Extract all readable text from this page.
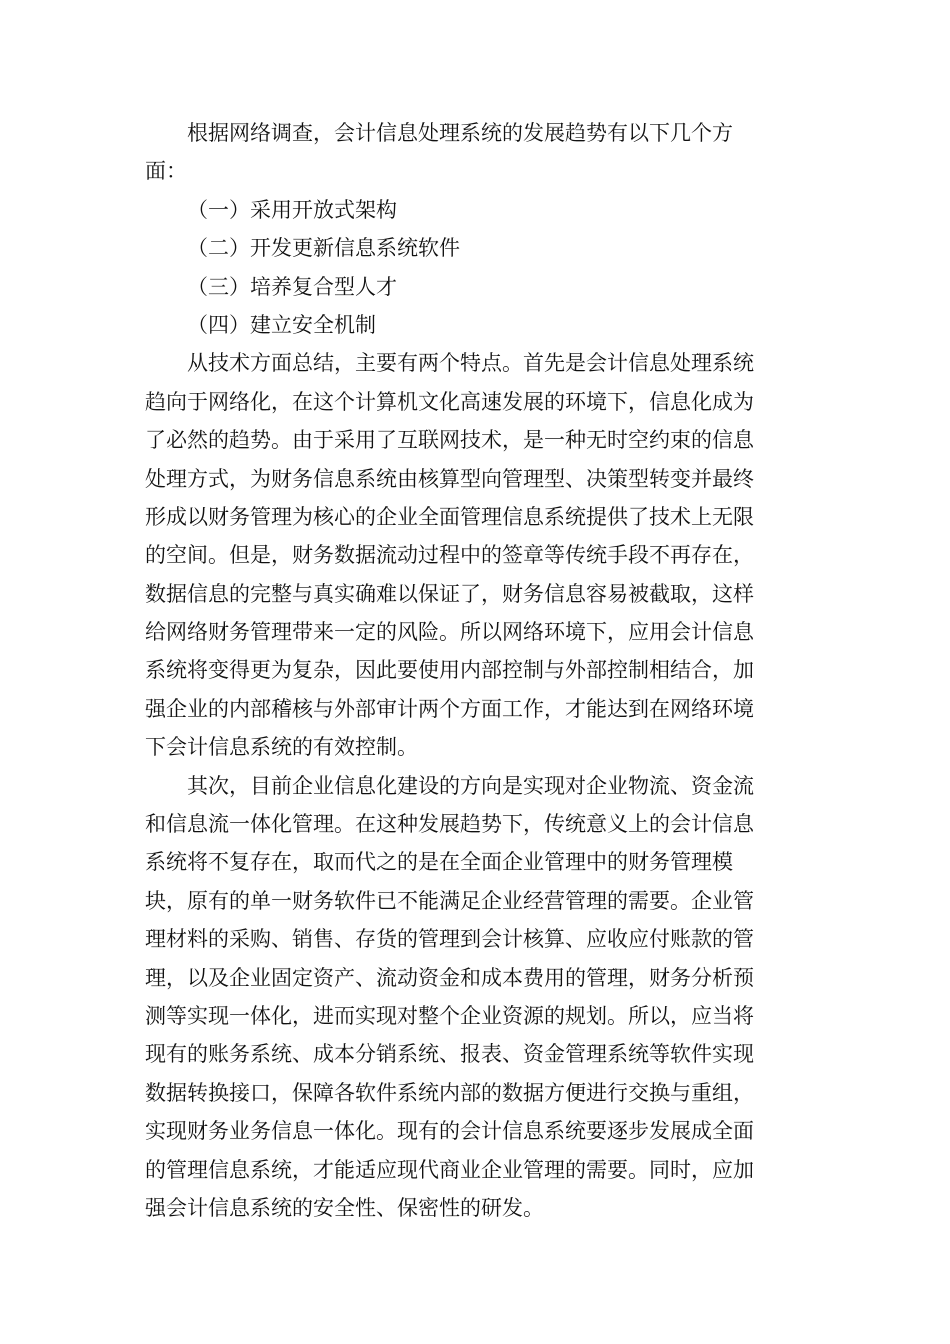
根据网络调查，会计信息处理系统的发展趋势有以下几个方
面：
（一）采用开放式架构
（二）开发更新信息系统软件
（三）培养复合型人才
（四）建立安全机制
从技术方面总结，主要有两个特点。首先是会计信息处理系统
趋向于网络化，在这个计算机文化高速发展的环境下，信息化成为
了必然的趋势。由于采用了互联网技术，是一种无时空约束的信息
处理方式，为财务信息系统由核算型向管理型、决策型转变并最终
形成以财务管理为核心的企业全面管理信息系统提供了技术上无限
的空间。但是，财务数据流动过程中的签章等传统手段不再存在，
数据信息的完整与真实确难以保证了，财务信息容易被截取，这样
给网络财务管理带来一定的风险。所以网络环境下，应用会计信息
系统将变得更为复杂，因此要使用内部控制与外部控制相结合，加
强企业的内部稽核与外部审计两个方面工作，才能达到在网络环境
下会计信息系统的有效控制。
其次，目前企业信息化建设的方向是实现对企业物流、资金流
和信息流一体化管理。在这种发展趋势下，传统意义上的会计信息
系统将不复存在，取而代之的是在全面企业管理中的财务管理模
块，原有的单一财务软件已不能满足企业经营管理的需要。企业管
理材料的采购、销售、存货的管理到会计核算、应收应付账款的管
理，以及企业固定资产、流动资金和成本费用的管理，财务分析预
测等实现一体化，进而实现对整个企业资源的规划。所以，应当将
现有的账务系统、成本分销系统、报表、资金管理系统等软件实现
数据转换接口，保障各软件系统内部的数据方便进行交换与重组，
实现财务业务信息一体化。现有的会计信息系统要逐步发展成全面
的管理信息系统，才能适应现代商业企业管理的需要。同时，应加
强会计信息系统的安全性、保密性的研发。
